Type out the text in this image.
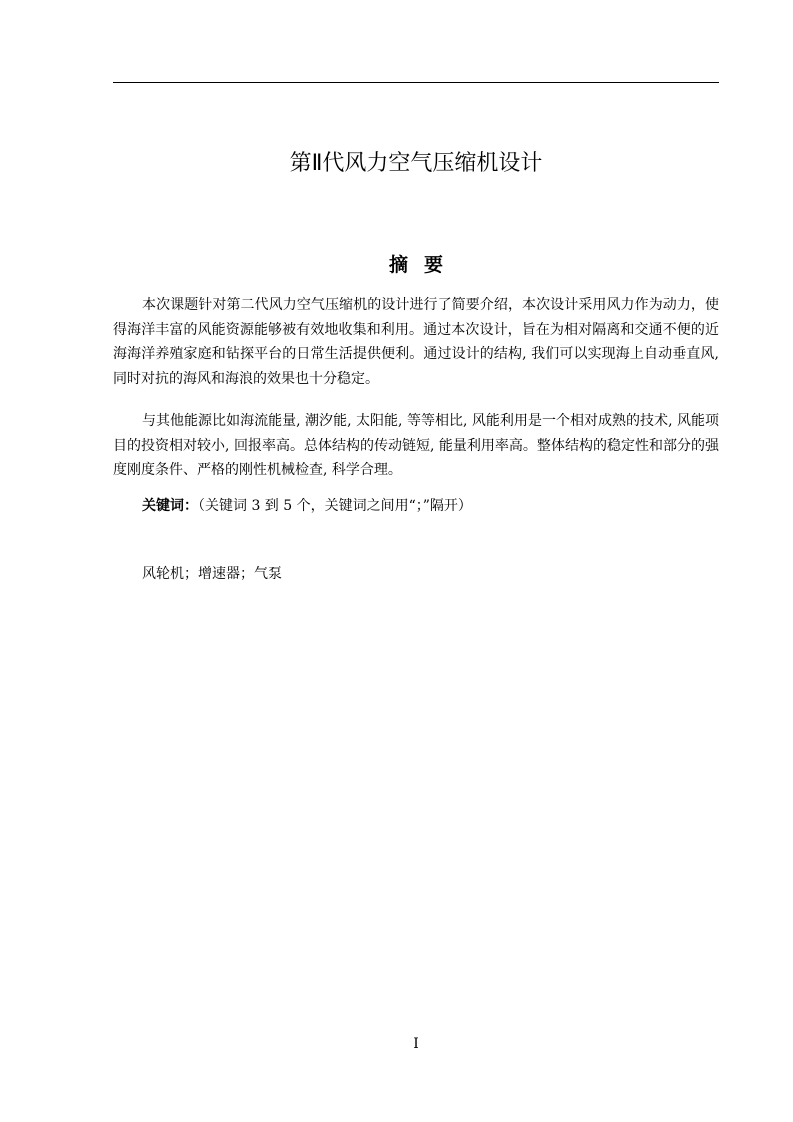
第Ⅱ代风力空气压缩机设计
摘要

本次课题针对第二代风力空气压缩机的设计进行了简要介绍，本次设计采用风力作为动力，使得海洋丰富的风能资源能够被有效地收集和利用。通过本次设计，旨在为相对隔离和交通不便的近海海洋养殖家庭和钻探平台的日常生活提供便利。通过设计的结构, 我们可以实现海上自动垂直风, 同时对抗的海风和海浪的效果也十分稳定。

与其他能源比如海流能量, 潮汐能, 太阳能, 等等相比, 风能利用是一个相对成熟的技术, 风能项目的投资相对较小, 回报率高。总体结构的传动链短, 能量利用率高。整体结构的稳定性和部分的强度刚度条件、严格的刚性机械检查, 科学合理。

关键词：（关键词 3 到 5 个，关键词之间用“；”隔开）

风轮机；增速器；气泵

I
